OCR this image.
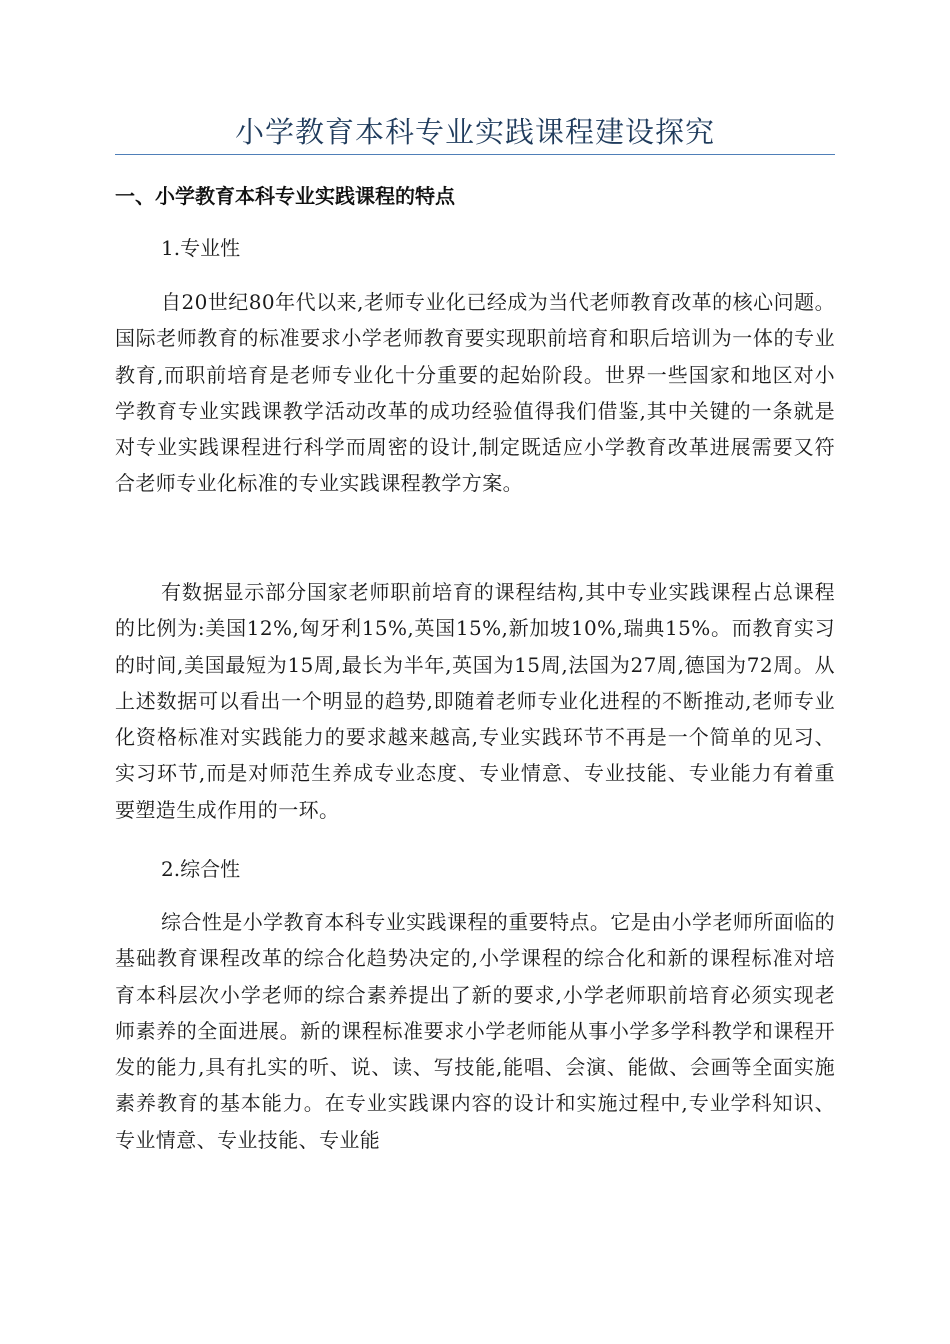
小学教育本科专业实践课程建设探究
一、小学教育本科专业实践课程的特点
1.专业性
自20世纪80年代以来,老师专业化已经成为当代老师教育改革的核心问题。国际老师教育的标准要求小学老师教育要实现职前培育和职后培训为一体的专业教育,而职前培育是老师专业化十分重要的起始阶段。世界一些国家和地区对小学教育专业实践课教学活动改革的成功经验值得我们借鉴,其中关键的一条就是对专业实践课程进行科学而周密的设计,制定既适应小学教育改革进展需要又符合老师专业化标准的专业实践课程教学方案。
有数据显示部分国家老师职前培育的课程结构,其中专业实践课程占总课程的比例为:美国12%,匈牙利15%,英国15%,新加坡10%,瑞典15%。而教育实习的时间,美国最短为15周,最长为半年,英国为15周,法国为27周,德国为72周。从上述数据可以看出一个明显的趋势,即随着老师专业化进程的不断推动,老师专业化资格标准对实践能力的要求越来越高,专业实践环节不再是一个简单的见习、实习环节,而是对师范生养成专业态度、专业情意、专业技能、专业能力有着重要塑造生成作用的一环。
2.综合性
综合性是小学教育本科专业实践课程的重要特点。它是由小学老师所面临的基础教育课程改革的综合化趋势决定的,小学课程的综合化和新的课程标准对培育本科层次小学老师的综合素养提出了新的要求,小学老师职前培育必须实现老师素养的全面进展。新的课程标准要求小学老师能从事小学多学科教学和课程开发的能力,具有扎实的听、说、读、写技能,能唱、会演、能做、会画等全面实施素养教育的基本能力。在专业实践课内容的设计和实施过程中,专业学科知识、专业情意、专业技能、专业能
